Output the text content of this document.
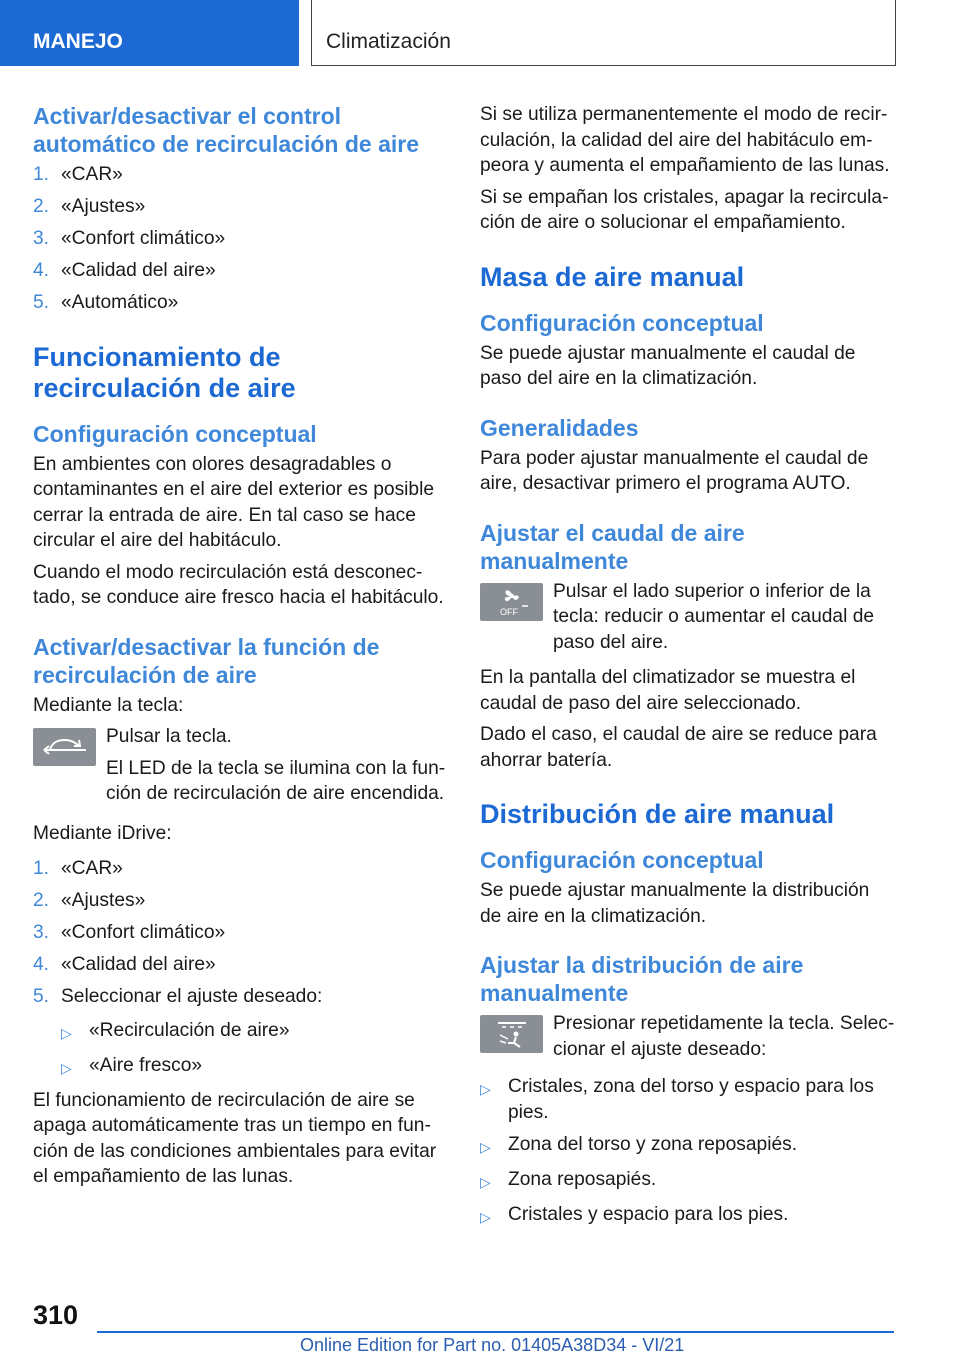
MANEJO	Climatización
Activar/desactivar el control automático de recirculación de aire
1. «CAR»
2. «Ajustes»
3. «Confort climático»
4. «Calidad del aire»
5. «Automático»
Funcionamiento de recirculación de aire
Configuración conceptual

En ambientes con olores desagradables o contaminantes en el aire del exterior es posible cerrar la entrada de aire. En tal caso se hace circular el aire del habitáculo.

Cuando el modo recirculación está desconectado, se conduce aire fresco hacia el habitáculo.

Activar/desactivar la función de recirculación de aire

Mediante la tecla:

Pulsar la tecla.

El LED de la tecla se ilumina con la función de recirculación de aire encendida.

Mediante iDrive:

1. «CAR»
2. «Ajustes»
3. «Confort climático»
4. «Calidad del aire»
5. Seleccionar el ajuste deseado:
▷ «Recirculación de aire»
▷ «Aire fresco»

El funcionamiento de recirculación de aire se apaga automáticamente tras un tiempo en función de las condiciones ambientales para evitar el empañamiento de las lunas.

Si se utiliza permanentemente el modo de recirculación, la calidad del aire del habitáculo empeora y aumenta el empañamiento de las lunas.

Si se empañan los cristales, apagar la recirculación de aire o solucionar el empañamiento.

Masa de aire manual
Configuración conceptual

Se puede ajustar manualmente el caudal de paso del aire en la climatización.

Generalidades

Para poder ajustar manualmente el caudal de aire, desactivar primero el programa AUTO.

Ajustar el caudal de aire manualmente
OFF

Pulsar el lado superior o inferior de la tecla: reducir o aumentar el caudal de paso del aire.

En la pantalla del climatizador se muestra el caudal de paso del aire seleccionado.

Dado el caso, el caudal de aire se reduce para ahorrar batería.

Distribución de aire manual
Configuración conceptual

Se puede ajustar manualmente la distribución de aire en la climatización.

Ajustar la distribución de aire manualmente

Presionar repetidamente la tecla. Seleccionar el ajuste deseado:

▷ Cristales, zona del torso y espacio para los pies.
▷ Zona del torso y zona reposapiés.
▷ Zona reposapiés.
▷ Cristales y espacio para los pies.
310
Online Edition for Part no. 01405A38D34 - VI/21
